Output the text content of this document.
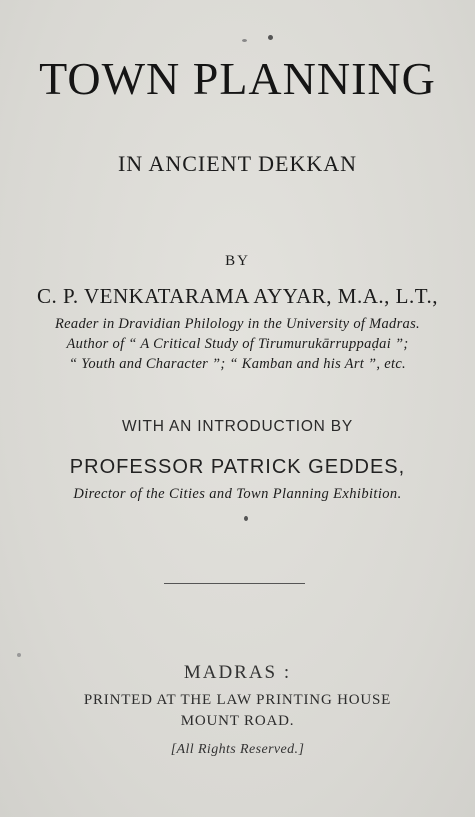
TOWN PLANNING
IN ANCIENT DEKKAN
BY
C. P. VENKATARAMA AYYAR, M.A., L.T.,
Reader in Dravidian Philology in the University of Madras.
Author of “ A Critical Study of Tirumurukārruppaḍai ”;
“ Youth and Character ”; “ Kamban and his Art ”, etc.
WITH AN INTRODUCTION BY
PROFESSOR PATRICK GEDDES,
Director of the Cities and Town Planning Exhibition.
MADRAS :
PRINTED AT THE LAW PRINTING HOUSE
MOUNT ROAD.
[All Rights Reserved.]
